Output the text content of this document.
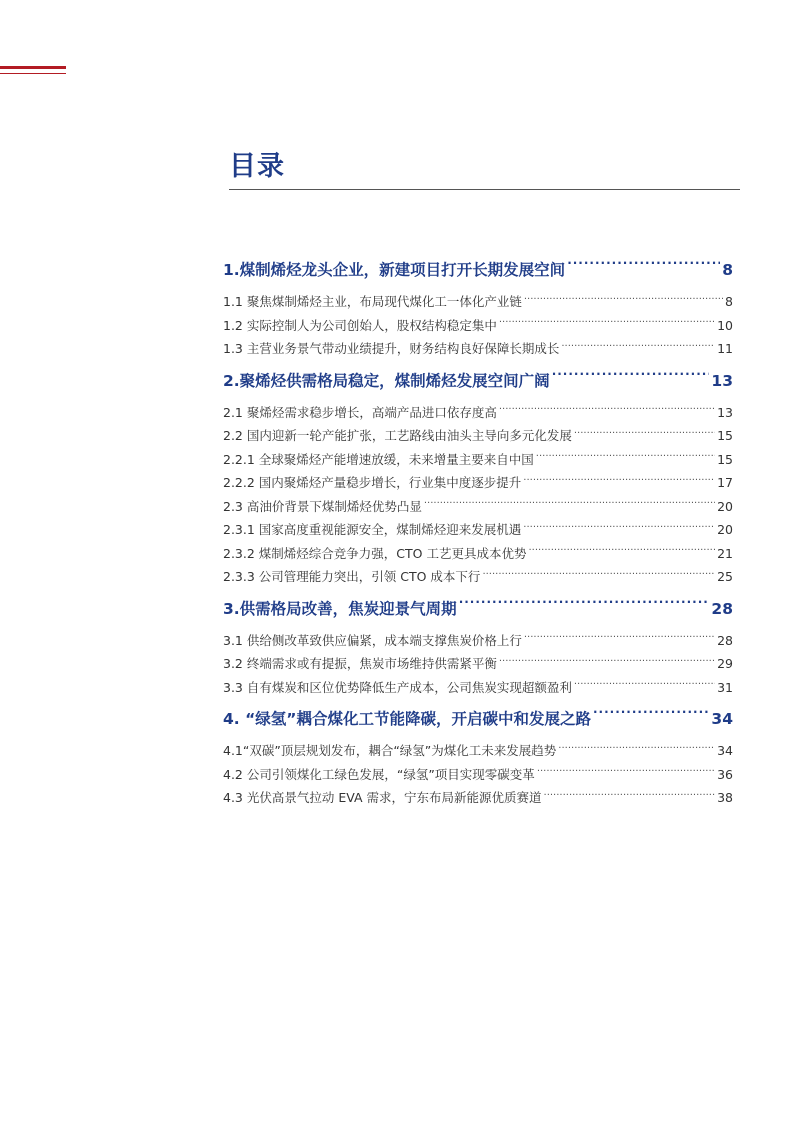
目录
1.煤制烯烃龙头企业，新建项目打开长期发展空间 .....	8
1.1 聚焦煤制烯烃主业，布局现代煤化工一体化产业链 .....	8
1.2 实际控制人为公司创始人，股权结构稳定集中 .....	10
1.3 主营业务景气带动业绩提升，财务结构良好保障长期成长 .....	11
2.聚烯烃供需格局稳定，煤制烯烃发展空间广阔 .....	13
2.1 聚烯烃需求稳步增长，高端产品进口依存度高 .....	13
2.2 国内迎新一轮产能扩张，工艺路线由油头主导向多元化发展 .....	15
2.2.1 全球聚烯烃产能增速放缓，未来增量主要来自中国 .....	15
2.2.2 国内聚烯烃产量稳步增长，行业集中度逐步提升 .....	17
2.3 高油价背景下煤制烯烃优势凸显 .....	20
2.3.1 国家高度重视能源安全，煤制烯烃迎来发展机遇 .....	20
2.3.2 煤制烯烃综合竞争力强，CTO 工艺更具成本优势 .....	21
2.3.3 公司管理能力突出，引领 CTO 成本下行 .....	25
3.供需格局改善，焦炭迎景气周期 .....	28
3.1 供给侧改革致供应偏紧，成本端支撑焦炭价格上行 .....	28
3.2 终端需求或有提振，焦炭市场维持供需紧平衡 .....	29
3.3 自有煤炭和区位优势降低生产成本，公司焦炭实现超额盈利 .....	31
4. “绿氢”耦合煤化工节能降碳，开启碳中和发展之路 .....	34
4.1“双碳”顶层规划发布，耦合“绿氢”为煤化工未来发展趋势 .....	34
4.2 公司引领煤化工绿色发展，“绿氢”项目实现零碳变革 .....	36
4.3 光伏高景气拉动 EVA 需求，宁东布局新能源优质赛道 .....	38
